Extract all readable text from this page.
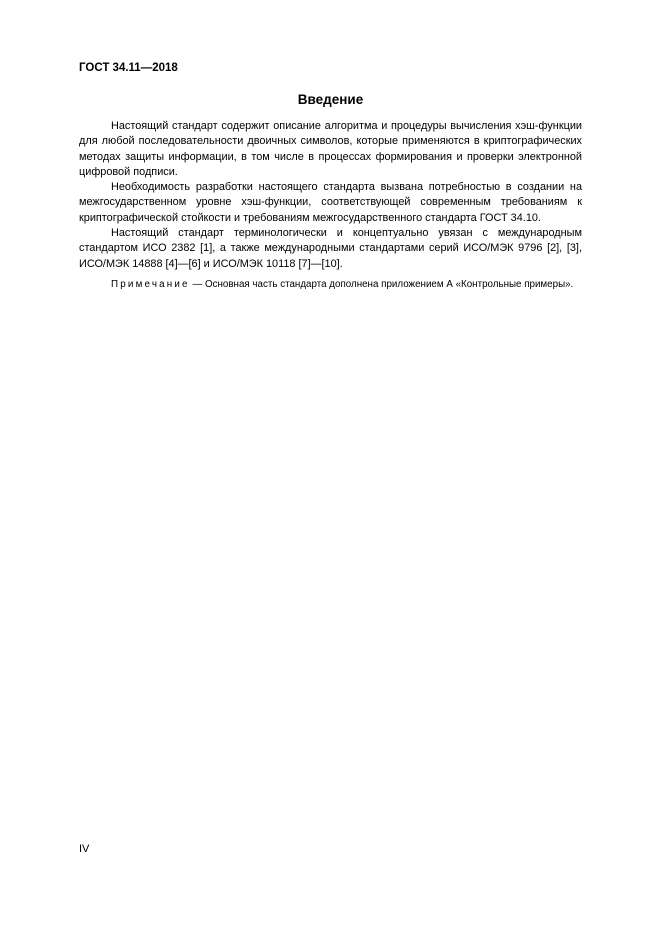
ГОСТ 34.11—2018
Введение

Настоящий стандарт содержит описание алгоритма и процедуры вычисления хэш-функции для любой последовательности двоичных символов, которые применяются в криптографических методах защиты информации, в том числе в процессах формирования и проверки электронной цифровой подписи.

Необходимость разработки настоящего стандарта вызвана потребностью в создании на межгосударственном уровне хэш-функции, соответствующей современным требованиям к криптографической стойкости и требованиям межгосударственного стандарта ГОСТ 34.10.

Настоящий стандарт терминологически и концептуально увязан с международным стандартом ИСО 2382 [1], а также международными стандартами серий ИСО/МЭК 9796 [2], [3], ИСО/МЭК 14888 [4]—[6] и ИСО/МЭК 10118 [7]—[10].

Примечание — Основная часть стандарта дополнена приложением А «Контрольные примеры».

IV
